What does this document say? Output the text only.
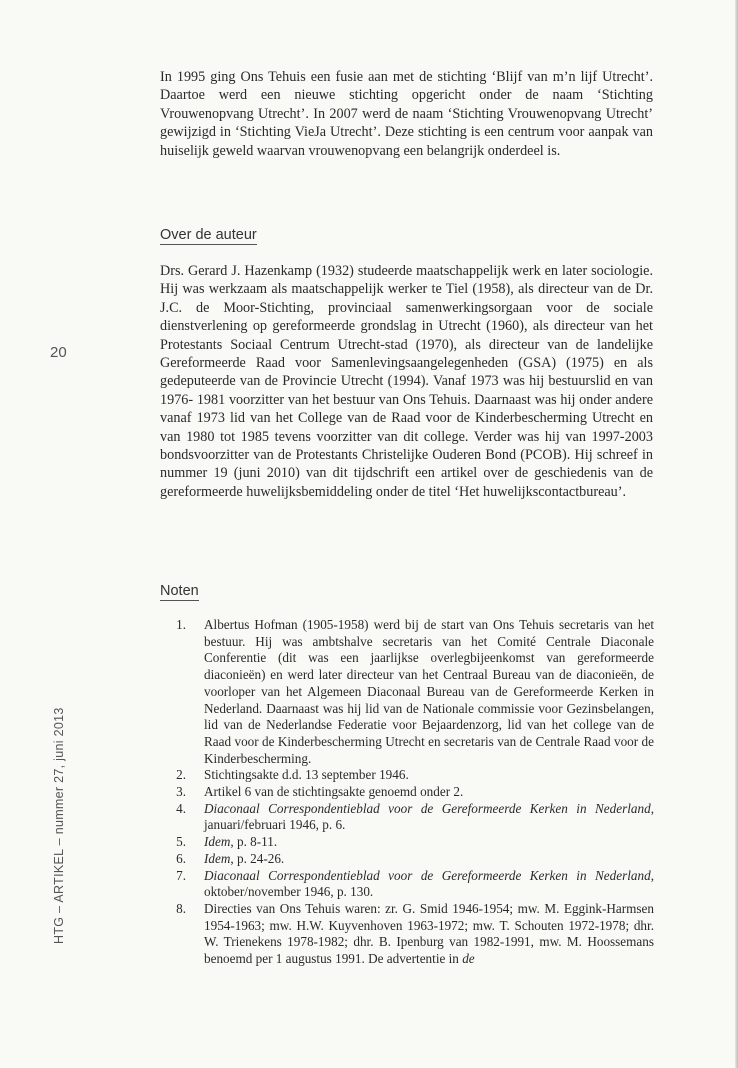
20
HTG – ARTIKEL – nummer 27, juni 2013

In 1995 ging Ons Tehuis een fusie aan met de stichting ‘Blijf van m’n lijf Utrecht’. Daartoe werd een nieuwe stichting opgericht onder de naam ‘Stichting Vrouwenopvang Utrecht’. In 2007 werd de naam ‘Stichting Vrouwenopvang Utrecht’ gewijzigd in ‘Stichting VieJa Utrecht’. Deze stichting is een centrum voor aanpak van huiselijk geweld waarvan vrouwenopvang een belangrijk onderdeel is.

Over de auteur

Drs. Gerard J. Hazenkamp (1932) studeerde maatschappelijk werk en later sociologie. Hij was werkzaam als maatschappelijk werker te Tiel (1958), als directeur van de Dr. J.C. de Moor-Stichting, provinciaal samenwerkingsorgaan voor de sociale dienstverlening op gereformeerde grondslag in Utrecht (1960), als directeur van het Protestants Sociaal Centrum Utrecht-stad (1970), als directeur van de landelijke Gereformeerde Raad voor Samenlevingsaangelegenheden (GSA) (1975) en als gedeputeerde van de Provincie Utrecht (1994). Vanaf 1973 was hij bestuurslid en van 1976- 1981 voorzitter van het bestuur van Ons Tehuis. Daarnaast was hij onder andere vanaf 1973 lid van het College van de Raad voor de Kinderbescherming Utrecht en van 1980 tot 1985 tevens voorzitter van dit college. Verder was hij van 1997-2003 bondsvoorzitter van de Protestants Christelijke Ouderen Bond (PCOB). Hij schreef in nummer 19 (juni 2010) van dit tijdschrift een artikel over de geschiedenis van de gereformeerde huwelijksbemiddeling onder de titel ‘Het huwelijkscontactbureau’.

Noten
1 . Albertus Hofman (1905-1958) werd bij de start van Ons Tehuis secretaris van het bestuur. Hij was ambtshalve secretaris van het Comité Centrale Diaconale Conferentie (dit was een jaarlijkse overlegbijeenkomst van gereformeerde diaconieën) en werd later directeur van het Centraal Bureau van de diaconieën, de voorloper van het Algemeen Diaconaal Bureau van de Gereformeerde Kerken in Nederland. Daarnaast was hij lid van de Nationale commissie voor Gezinsbelangen, lid van de Nederlandse Federatie voor Bejaardenzorg, lid van het college van de Raad voor de Kinderbescherming Utrecht en secretaris van de Centrale Raad voor de Kinderbescherming.
2 . Stichtingsakte d.d. 13 september 1946.
3 . Artikel 6 van de stichtingsakte genoemd onder 2.
4 . Diaconaal Correspondentieblad voor de Gereformeerde Kerken in Nederland, januari/februari 1946, p. 6.
5 . Idem, p. 8-11.
6 . Idem, p. 24-26.
7 . Diaconaal Correspondentieblad voor de Gereformeerde Kerken in Nederland, oktober/november 1946, p. 130.
8 . Directies van Ons Tehuis waren: zr. G. Smid 1946-1954; mw. M. Eggink-Harmsen 1954-1963; mw. H.W. Kuyvenhoven 1963-1972; mw. T. Schouten 1972-1978; dhr. W. Trienekens 1978-1982; dhr. B. Ipenburg van 1982-1991, mw. M. Hoossemans benoemd per 1 augustus 1991. De advertentie in de
